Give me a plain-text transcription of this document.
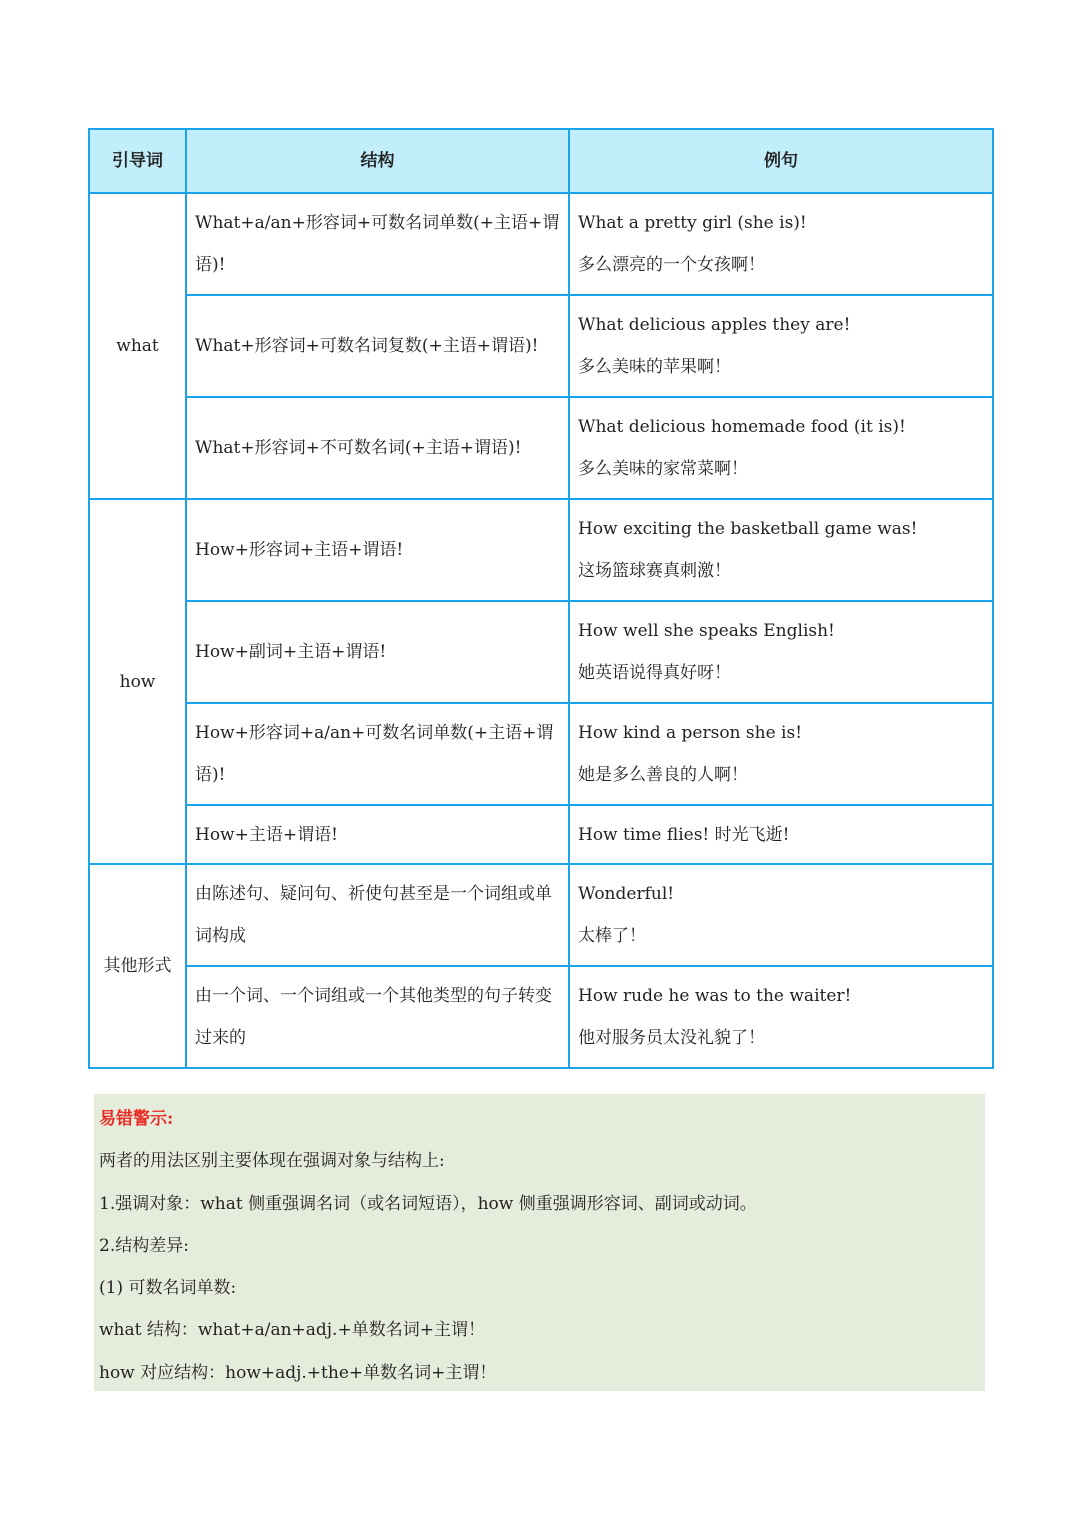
引导词	结构	例句
what	What+a/an+形容词+可数名词单数(+主语+谓语)!	What a pretty girl (she is)!
多么漂亮的一个女孩啊！

	What+形容词+可数名词复数(+主语+谓语)!	What delicious apples they are!
多么美味的苹果啊！

	What+形容词+不可数名词(+主语+谓语)!	What delicious homemade food (it is)!
多么美味的家常菜啊！

how	How+形容词+主语+谓语!	How exciting the basketball game was!
这场篮球赛真刺激！

	How+副词+主语+谓语!	How well she speaks English!
她英语说得真好呀！

	How+形容词+a/an+可数名词单数(+主语+谓语)!	How kind a person she is!
她是多么善良的人啊！

	How+主语+谓语!	How time flies! 时光飞逝!

其他形式	由陈述句、疑问句、祈使句甚至是一个词组或单词构成	Wonderful!
太棒了！

	由一个词、一个词组或一个其他类型的句子转变过来的	How rude he was to the waiter!
他对服务员太没礼貌了！

易错警示:

两者的用法区别主要体现在强调对象与结构上:

1.强调对象：what 侧重强调名词（或名词短语），how 侧重强调形容词、副词或动词。

2.结构差异:

(1) 可数名词单数:

what 结构：what+a/an+adj.+单数名词+主谓！

how 对应结构：how+adj.+the+单数名词+主谓！
